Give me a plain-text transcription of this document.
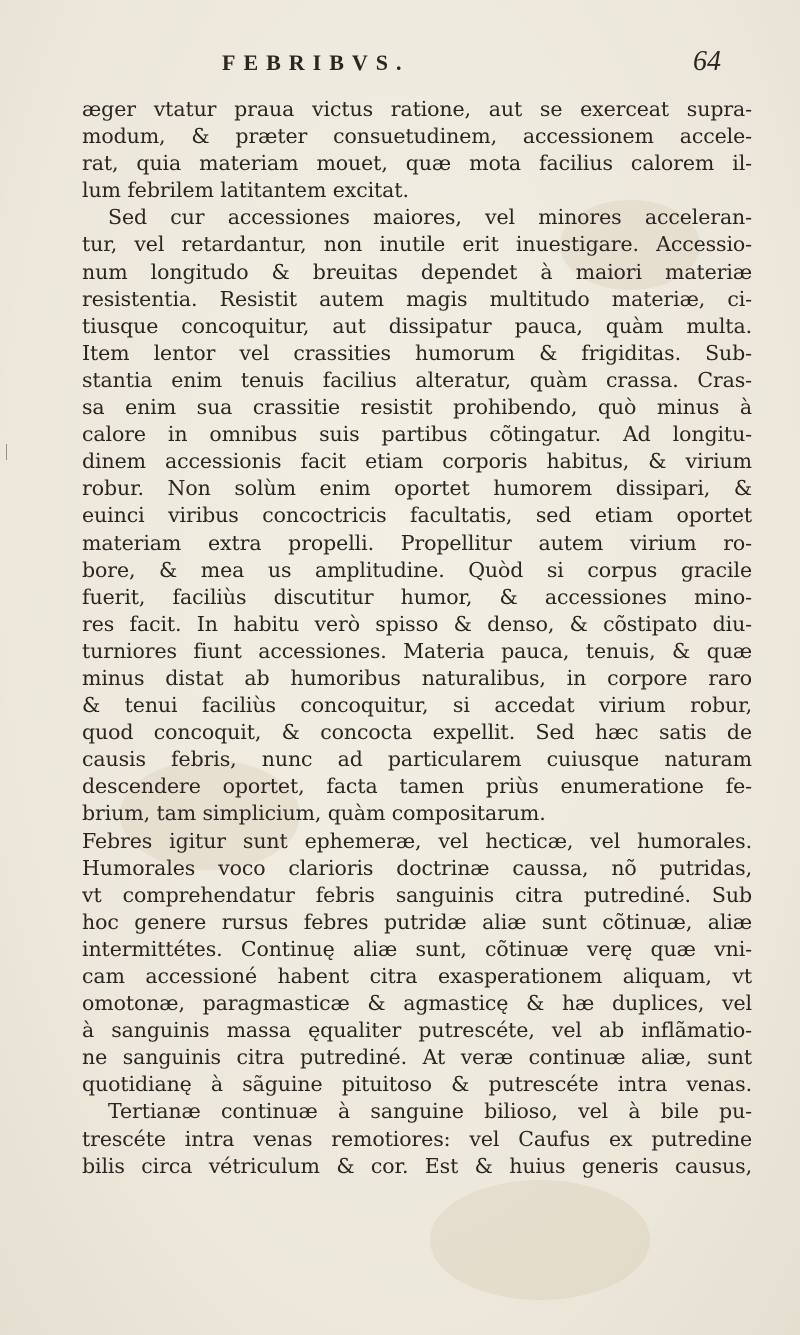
FEBRIBVS.	64
æger vtatur praua victus ratione, aut se exerceat supra-
modum, & præter consuetudinem, accessionem accele-
rat, quia materiam mouet, quæ mota facilius calorem il-
lum febrilem latitantem excitat.
Sed cur accessiones maiores, vel minores acceleran-
tur, vel retardantur, non inutile erit inuestigare. Accessio-
num longitudo & breuitas dependet à maiori materiæ
resistentia. Resistit autem magis multitudo materiæ, ci-
tiusque concoquitur, aut dissipatur pauca, quàm multa.
Item lentor vel crassities humorum & frigiditas. Sub-
stantia enim tenuis facilius alteratur, quàm crassa. Cras-
sa enim sua crassitie resistit prohibendo, quò minus à
calore in omnibus suis partibus cõtingatur. Ad longitu-
dinem accessionis facit etiam corporis habitus, & virium
robur. Non solùm enim oportet humorem dissipari, &
euinci viribus concoctricis facultatis, sed etiam oportet
materiam extra propelli. Propellitur autem virium ro-
bore, & mea us amplitudine. Quòd si corpus gracile
fuerit, faciliùs discutitur humor, & accessiones mino-
res facit. In habitu verò spisso & denso, & cõstipato diu-
turniores fiunt accessiones. Materia pauca, tenuis, & quæ
minus distat ab humoribus naturalibus, in corpore raro
& tenui faciliùs concoquitur, si accedat virium robur,
quod concoquit, & concocta expellit. Sed hæc satis de
causis febris, nunc ad particularem cuiusque naturam
descendere oportet, facta tamen priùs enumeratione fe-
brium, tam simplicium, quàm compositarum.
Febres igitur sunt ephemeræ, vel hecticæ, vel humorales.
Humorales voco clarioris doctrinæ caussa, nõ putridas,
vt comprehendatur febris sanguinis citra putrediné. Sub
hoc genere rursus febres putridæ aliæ sunt cõtinuæ, aliæ
intermittétes. Continuę aliæ sunt, cõtinuæ verę quæ vni-
cam accessioné habent citra exasperationem aliquam, vt
omotonæ, paragmasticæ & agmasticę & hæ duplices, vel
à sanguinis massa ęqualiter putrescéte, vel ab inflãmatio-
ne sanguinis citra putrediné. At veræ continuæ aliæ, sunt
quotidianę à sãguine pituitoso & putrescéte intra venas.
Tertianæ continuæ à sanguine bilioso, vel à bile pu-
trescéte intra venas remotiores: vel Caufus ex putredine
bilis circa vétriculum & cor. Est & huius generis causus,
